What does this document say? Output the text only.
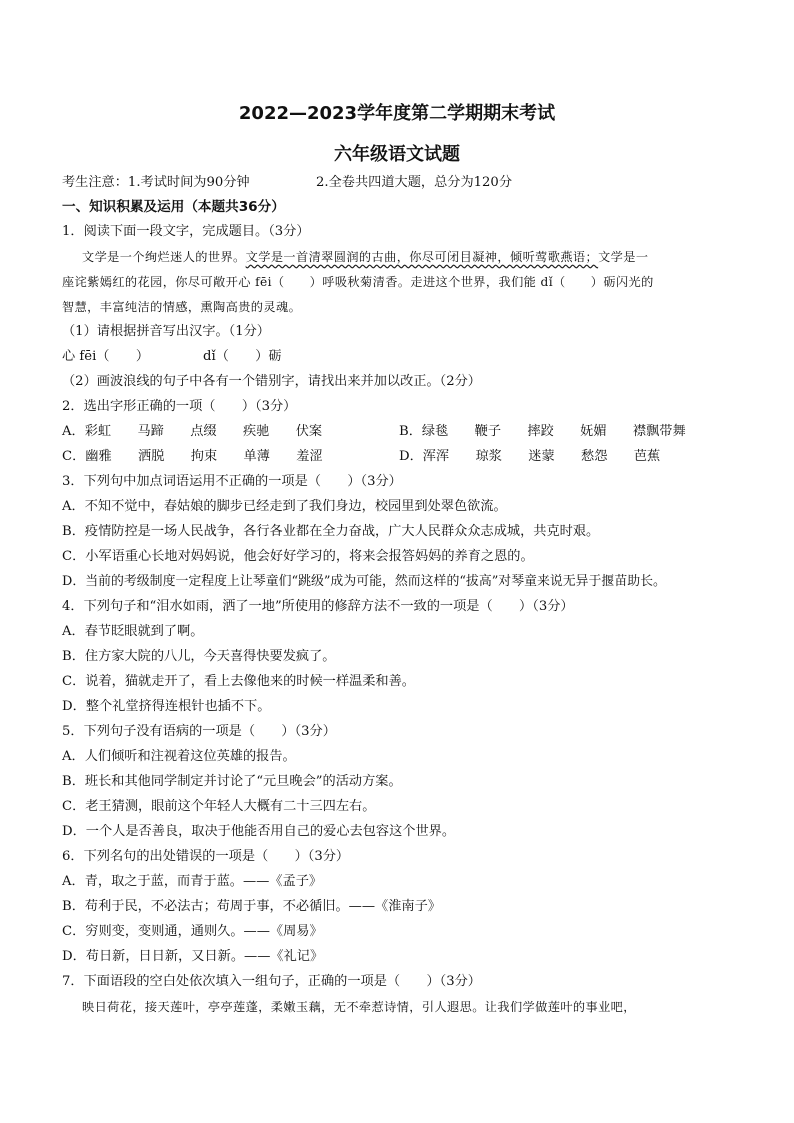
2022—2023学年度第二学期期末考试
六年级语文试题
考生注意：1.考试时间为90分钟	2.全卷共四道大题，总分为120分
一、知识积累及运用（本题共36分）
1．阅读下面一段文字，完成题目。（3分）
文学是一个绚烂迷人的世界。文学是一首清翠圆润的古曲，你尽可闭目凝神，倾听莺歌燕语；文学是一
座诧紫嫣红的花园，你尽可敞开心 fēi（　　）呼吸秋菊清香。走进这个世界，我们能 dǐ（　　）砺闪光的
智慧，丰富纯洁的情感，熏陶高贵的灵魂。
（1）请根据拼音写出汉字。（1分）
心 fēi（　　）	dǐ（　　）砺
（2）画波浪线的句子中各有一个错别字，请找出来并加以改正。（2分）
2．选出字形正确的一项（　　）（3分）
A．彩虹　　马蹄　　点缀　　疾驰　　伏案	B．绿毯　　鞭子　　摔跤　　妩媚　　襟飘带舞
C．幽雅　　洒脱　　拘束　　单薄　　羞涩	D．浑浑　　琼浆　　迷蒙　　愁怨　　芭蕉
3．下列句中加点词语运用不正确的一项是（　　）（3分）
A．不知不觉中，春姑娘的脚步已经走到了我们身边，校园里到处翠色欲流。
B．疫情防控是一场人民战争，各行各业都在全力奋战，广大人民群众众志成城，共克时艰。
C．小军语重心长地对妈妈说，他会好好学习的，将来会报答妈妈的养育之恩的。
D．当前的考级制度一定程度上让琴童们“跳级”成为可能，然而这样的“拔高”对琴童来说无异于揠苗助长。
4．下列句子和“泪水如雨，洒了一地”所使用的修辞方法不一致的一项是（　　）（3分）
A．春节眨眼就到了啊。
B．住方家大院的八儿，今天喜得快要发疯了。
C．说着，猫就走开了，看上去像他来的时候一样温柔和善。
D．整个礼堂挤得连根针也插不下。
5．下列句子没有语病的一项是（　　）（3分）
A．人们倾听和注视着这位英雄的报告。
B．班长和其他同学制定并讨论了“元旦晚会”的活动方案。
C．老王猜测，眼前这个年轻人大概有二十三四左右。
D．一个人是否善良，取决于他能否用自己的爱心去包容这个世界。
6．下列名句的出处错误的一项是（　　）（3分）
A．青，取之于蓝，而青于蓝。——《孟子》
B．苟利于民，不必法古；苟周于事，不必循旧。——《淮南子》
C．穷则变，变则通，通则久。——《周易》
D．苟日新，日日新，又日新。——《礼记》
7．下面语段的空白处依次填入一组句子，正确的一项是（　　）（3分）
映日荷花，接天莲叶，亭亭莲蓬，柔嫩玉藕，无不牵惹诗情，引人遐思。让我们学做莲叶的事业吧，
